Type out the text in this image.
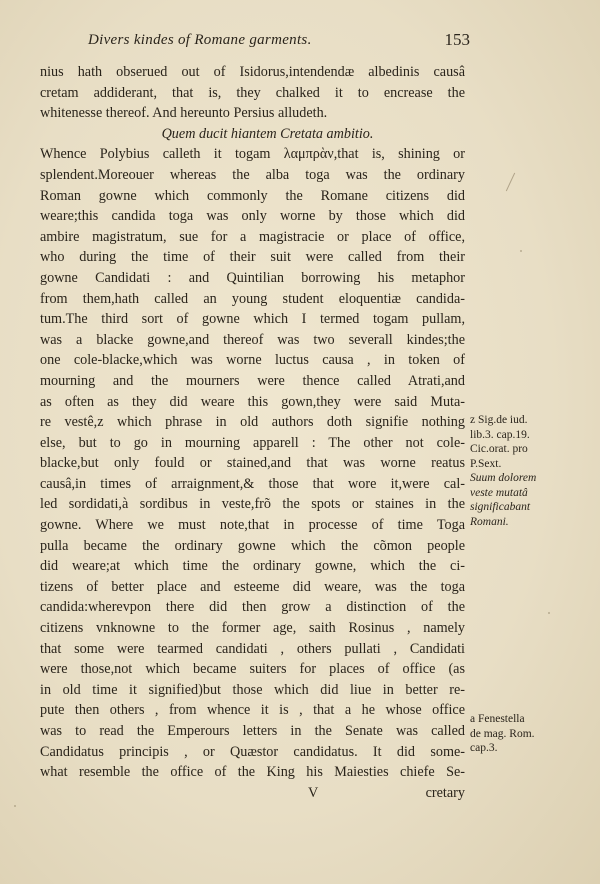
Divers kindes of Romane garments.	153
nius hath obserued out of Isidorus,intendendæ albedinis causâ
cretam addiderant, that is, they chalked it to encrease the
whitenesse thereof. And hereunto Persius alludeth.
Quem ducit hiantem Cretata ambitio.
Whence Polybius calleth it togam λαμπρὰν,that is, shining or
splendent.Moreouer whereas the alba toga was the ordinary
Roman gowne which commonly the Romane citizens did
weare;this candida toga was only worne by those which did
ambire magistratum, sue for a magistracie or place of office,
who during the time of their suit were called from their
gowne Candidati : and Quintilian borrowing his metaphor
from them,hath called an young student eloquentiæ candida-
tum.The third sort of gowne which I termed togam pullam,
was a blacke gowne,and thereof was two severall kindes;the
one cole-blacke,which was worne luctus causa , in token of
mourning and the mourners were thence called Atrati,and
as often as they did weare this gown,they were said Muta-
re vestê,z which phrase in old authors doth signifie nothing
else, but to go in mourning apparell : The other not cole-
blacke,but only fould or stained,and that was worne reatus
causâ,in times of arraignment,& those that wore it,were cal-
led sordidati,à sordibus in veste,frõ the spots or staines in the
gowne. Where we must note,that in processe of time Toga
pulla became the ordinary gowne which the cõmon people
did weare;at which time the ordinary gowne, which the ci-
tizens of better place and esteeme did weare, was the toga
candida:wherevpon there did then grow a distinction of the
citizens vnknowne to the former age, saith Rosinus , namely
that some were tearmed candidati , others pullati , Candidati
were those,not which became suiters for places of office (as
in old time it signified)but those which did liue in better re-
pute then others , from whence it is , that a he whose office
was to read the Emperours letters in the Senate was called
Candidatus principis , or Quæstor candidatus. It did some-
what resemble the office of the King his Maiesties chiefe Se-
z Sig.de iud.
lib.3. cap.19.
Cic.orat. pro
P.Sext.
Suum dolorem
veste mutatâ
significabant
Romani.
a Fenestella
de mag. Rom.
cap.3.
V	cretary
